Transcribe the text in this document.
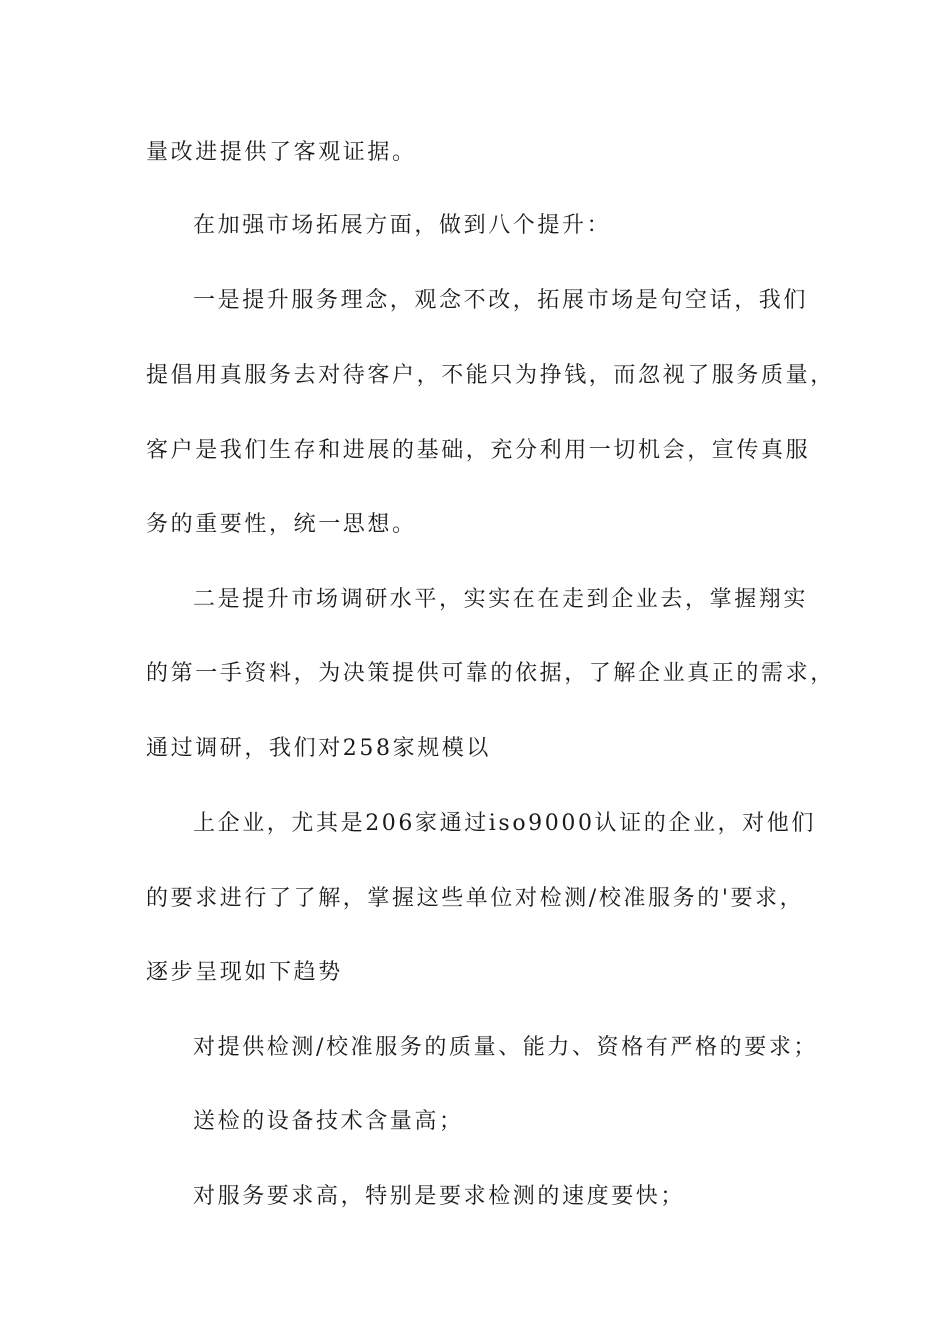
量改进提供了客观证据。
在加强市场拓展方面，做到八个提升：
一是提升服务理念，观念不改，拓展市场是句空话，我们
提倡用真服务去对待客户，不能只为挣钱，而忽视了服务质量，
客户是我们生存和进展的基础，充分利用一切机会，宣传真服
务的重要性，统一思想。
二是提升市场调研水平，实实在在走到企业去，掌握翔实
的第一手资料，为决策提供可靠的依据，了解企业真正的需求，
通过调研，我们对258家规模以
上企业，尤其是206家通过iso9000认证的企业，对他们
的要求进行了了解，掌握这些单位对检测/校准服务的'要求，
逐步呈现如下趋势
对提供检测/校准服务的质量、能力、资格有严格的要求；
送检的设备技术含量高；
对服务要求高，特别是要求检测的速度要快；
